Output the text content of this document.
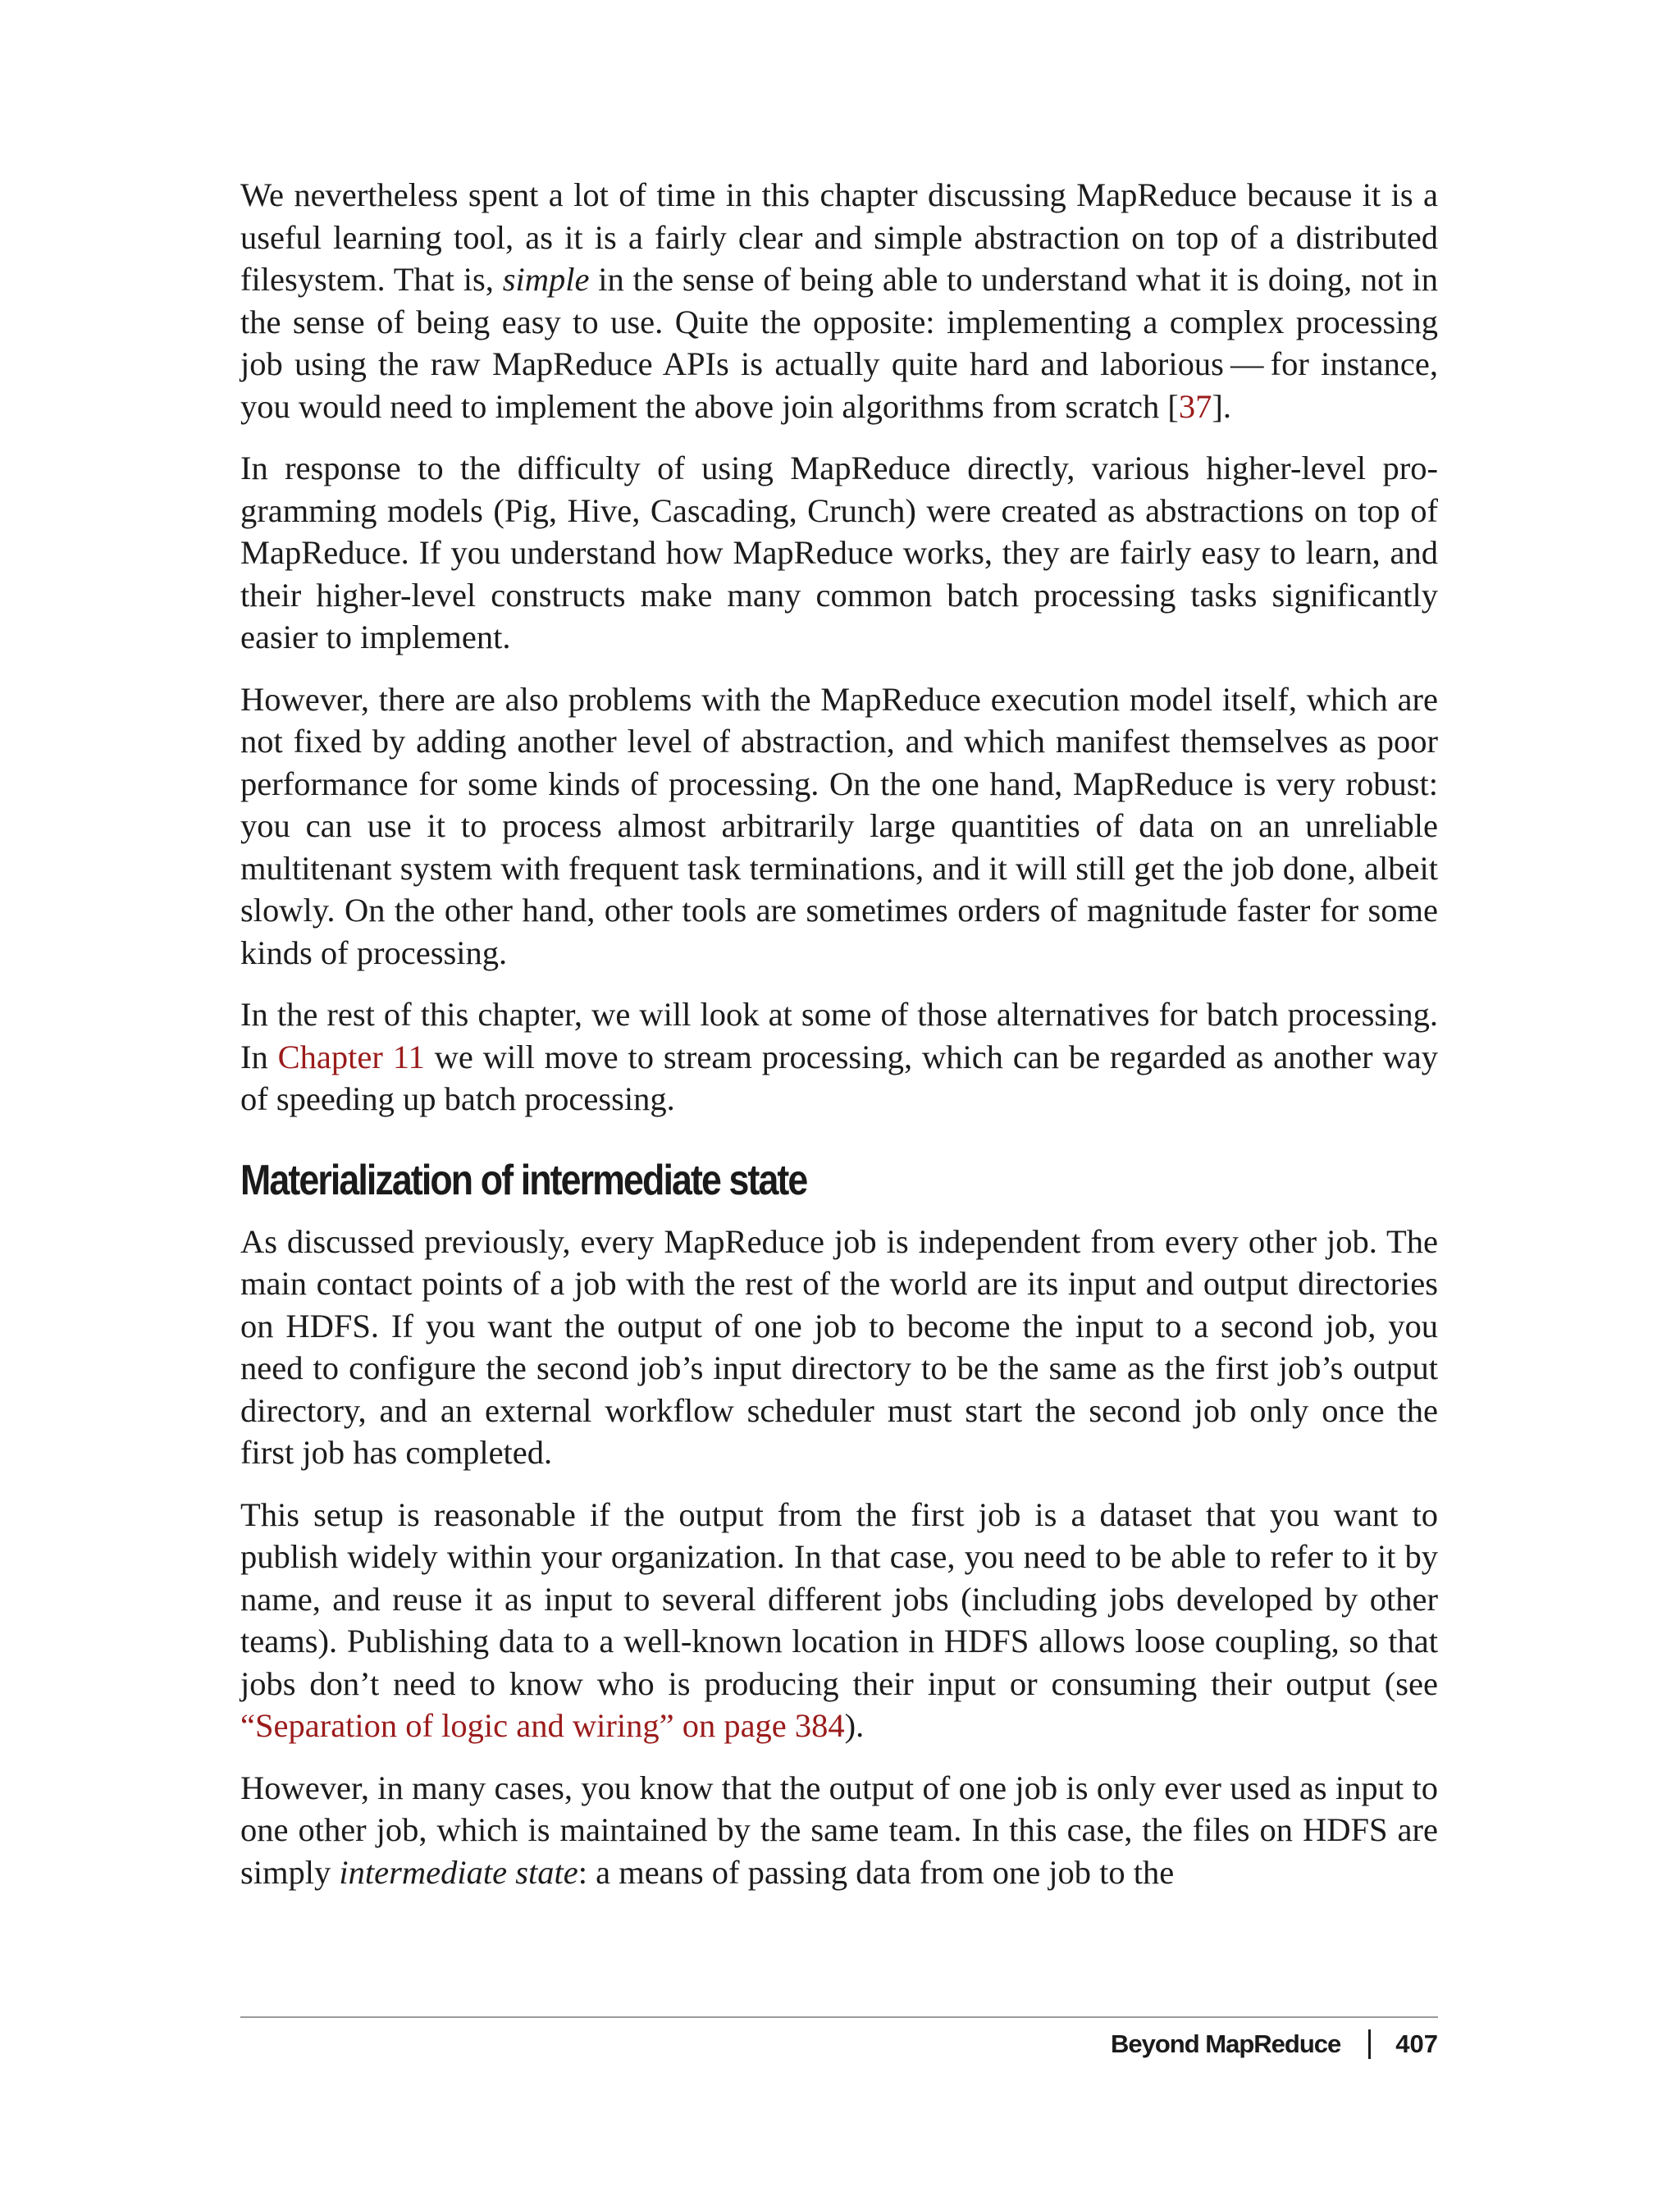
We nevertheless spent a lot of time in this chapter discussing MapReduce because it is a useful learning tool, as it is a fairly clear and simple abstraction on top of a distributed filesystem. That is, simple in the sense of being able to understand what it is doing, not in the sense of being easy to use. Quite the opposite: implementing a complex processing job using the raw MapReduce APIs is actually quite hard and laborious — for instance, you would need to implement the above join algorithms from scratch [37].

In response to the difficulty of using MapReduce directly, various higher-level programming models (Pig, Hive, Cascading, Crunch) were created as abstractions on top of MapReduce. If you understand how MapReduce works, they are fairly easy to learn, and their higher-level constructs make many common batch processing tasks significantly easier to implement.

However, there are also problems with the MapReduce execution model itself, which are not fixed by adding another level of abstraction, and which manifest themselves as poor performance for some kinds of processing. On the one hand, MapReduce is very robust: you can use it to process almost arbitrarily large quantities of data on an unreliable multitenant system with frequent task terminations, and it will still get the job done, albeit slowly. On the other hand, other tools are sometimes orders of magnitude faster for some kinds of processing.

In the rest of this chapter, we will look at some of those alternatives for batch processing. In Chapter 11 we will move to stream processing, which can be regarded as another way of speeding up batch processing.

Materialization of intermediate state

As discussed previously, every MapReduce job is independent from every other job. The main contact points of a job with the rest of the world are its input and output directories on HDFS. If you want the output of one job to become the input to a second job, you need to configure the second job’s input directory to be the same as the first job’s output directory, and an external workflow scheduler must start the second job only once the first job has completed.

This setup is reasonable if the output from the first job is a dataset that you want to publish widely within your organization. In that case, you need to be able to refer to it by name, and reuse it as input to several different jobs (including jobs developed by other teams). Publishing data to a well-known location in HDFS allows loose coupling, so that jobs don’t need to know who is producing their input or consuming their output (see “Separation of logic and wiring” on page 384).

However, in many cases, you know that the output of one job is only ever used as input to one other job, which is maintained by the same team. In this case, the files on HDFS are simply intermediate state: a means of passing data from one job to the

Beyond MapReduce 407
